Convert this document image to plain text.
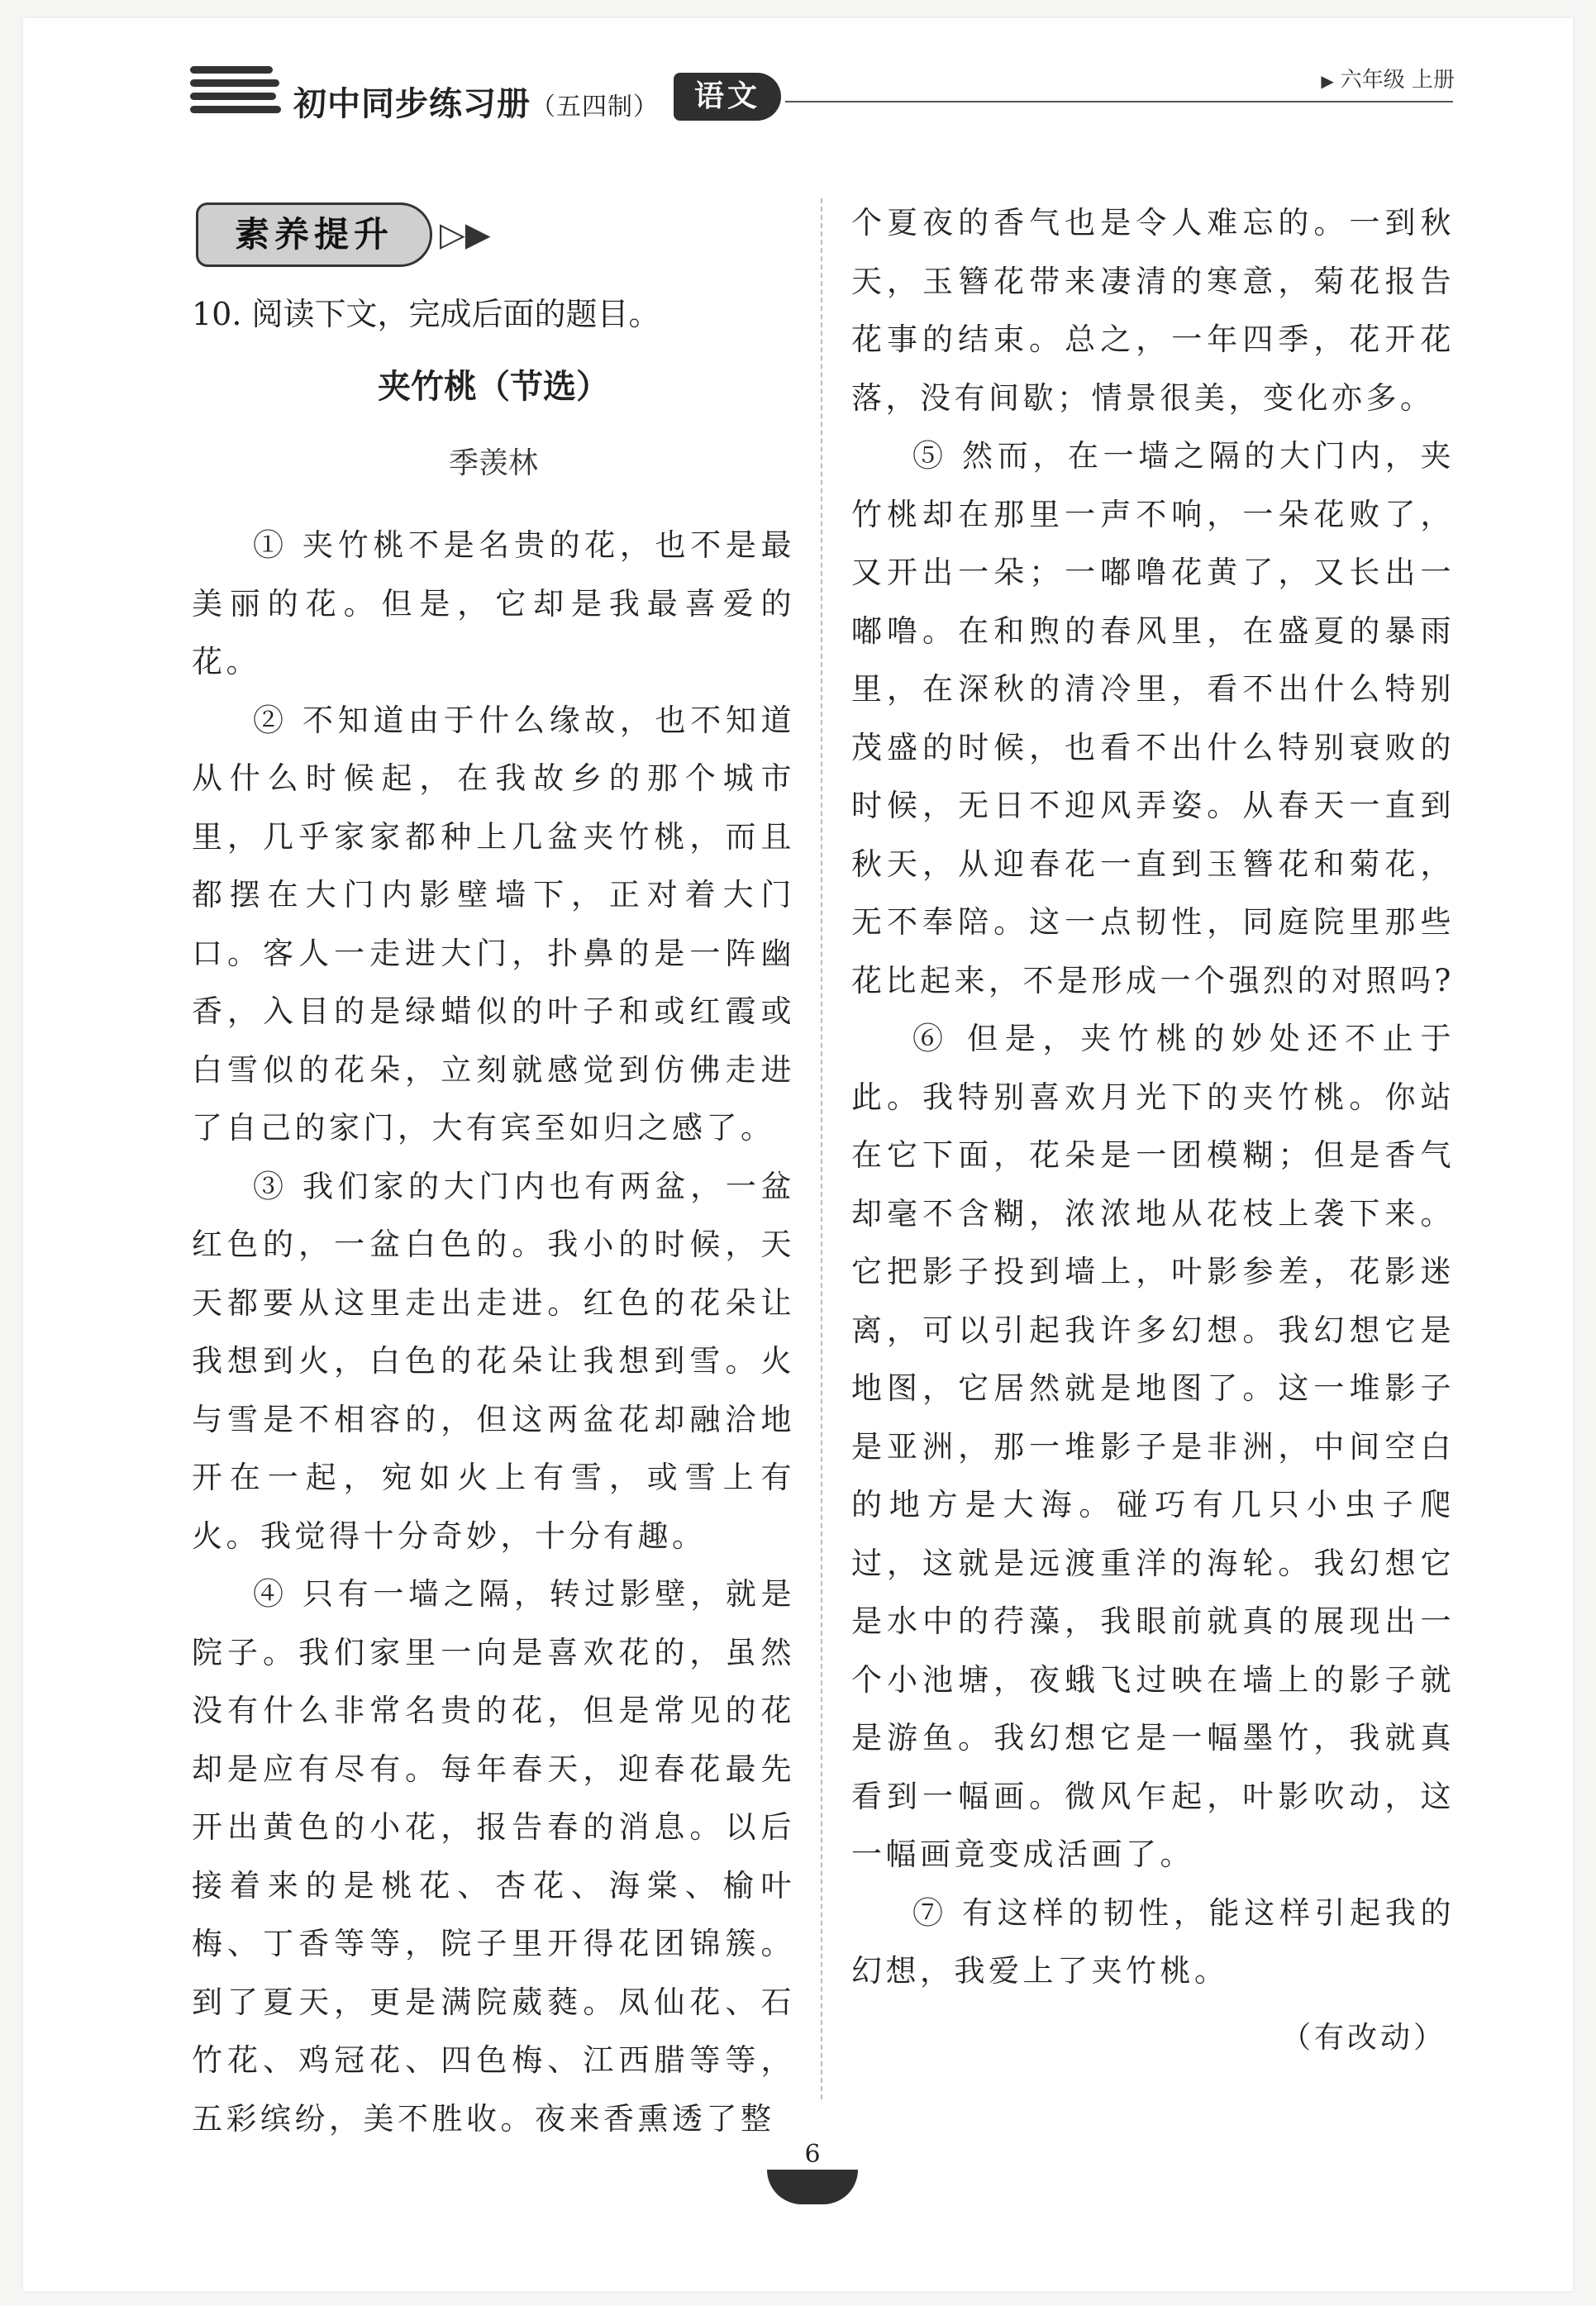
初中同步练习册（五四制）	语文	▶ 六年级 上册
素养提升	▷▶

10. 阅读下文，完成后面的题目。

夹竹桃（节选）

季羡林

① 夹竹桃不是名贵的花，也不是最美丽的花。但是，它却是我最喜爱的花。

② 不知道由于什么缘故，也不知道从什么时候起，在我故乡的那个城市里，几乎家家都种上几盆夹竹桃，而且都摆在大门内影壁墙下，正对着大门口。客人一走进大门，扑鼻的是一阵幽香，入目的是绿蜡似的叶子和或红霞或白雪似的花朵，立刻就感觉到仿佛走进了自己的家门，大有宾至如归之感了。

③ 我们家的大门内也有两盆，一盆红色的，一盆白色的。我小的时候，天天都要从这里走出走进。红色的花朵让我想到火，白色的花朵让我想到雪。火与雪是不相容的，但这两盆花却融洽地开在一起，宛如火上有雪，或雪上有火。我觉得十分奇妙，十分有趣。

④ 只有一墙之隔，转过影壁，就是院子。我们家里一向是喜欢花的，虽然没有什么非常名贵的花，但是常见的花却是应有尽有。每年春天，迎春花最先开出黄色的小花，报告春的消息。以后接着来的是桃花、杏花、海棠、榆叶梅、丁香等等，院子里开得花团锦簇。到了夏天，更是满院葳蕤。凤仙花、石竹花、鸡冠花、四色梅、江西腊等等，五彩缤纷，美不胜收。夜来香熏透了整

个夏夜的香气也是令人难忘的。一到秋天，玉簪花带来凄清的寒意，菊花报告花事的结束。总之，一年四季，花开花落，没有间歇；情景很美，变化亦多。

⑤ 然而，在一墙之隔的大门内，夹竹桃却在那里一声不响，一朵花败了，又开出一朵；一嘟噜花黄了，又长出一嘟噜。在和煦的春风里，在盛夏的暴雨里，在深秋的清冷里，看不出什么特别茂盛的时候，也看不出什么特别衰败的时候，无日不迎风弄姿。从春天一直到秋天，从迎春花一直到玉簪花和菊花，无不奉陪。这一点韧性，同庭院里那些花比起来，不是形成一个强烈的对照吗?

⑥ 但是，夹竹桃的妙处还不止于此。我特别喜欢月光下的夹竹桃。你站在它下面，花朵是一团模糊；但是香气却毫不含糊，浓浓地从花枝上袭下来。它把影子投到墙上，叶影参差，花影迷离，可以引起我许多幻想。我幻想它是地图，它居然就是地图了。这一堆影子是亚洲，那一堆影子是非洲，中间空白的地方是大海。碰巧有几只小虫子爬过，这就是远渡重洋的海轮。我幻想它是水中的荇藻，我眼前就真的展现出一个小池塘，夜蛾飞过映在墙上的影子就是游鱼。我幻想它是一幅墨竹，我就真看到一幅画。微风乍起，叶影吹动，这一幅画竟变成活画了。

⑦ 有这样的韧性，能这样引起我的幻想，我爱上了夹竹桃。

（有改动）

6
